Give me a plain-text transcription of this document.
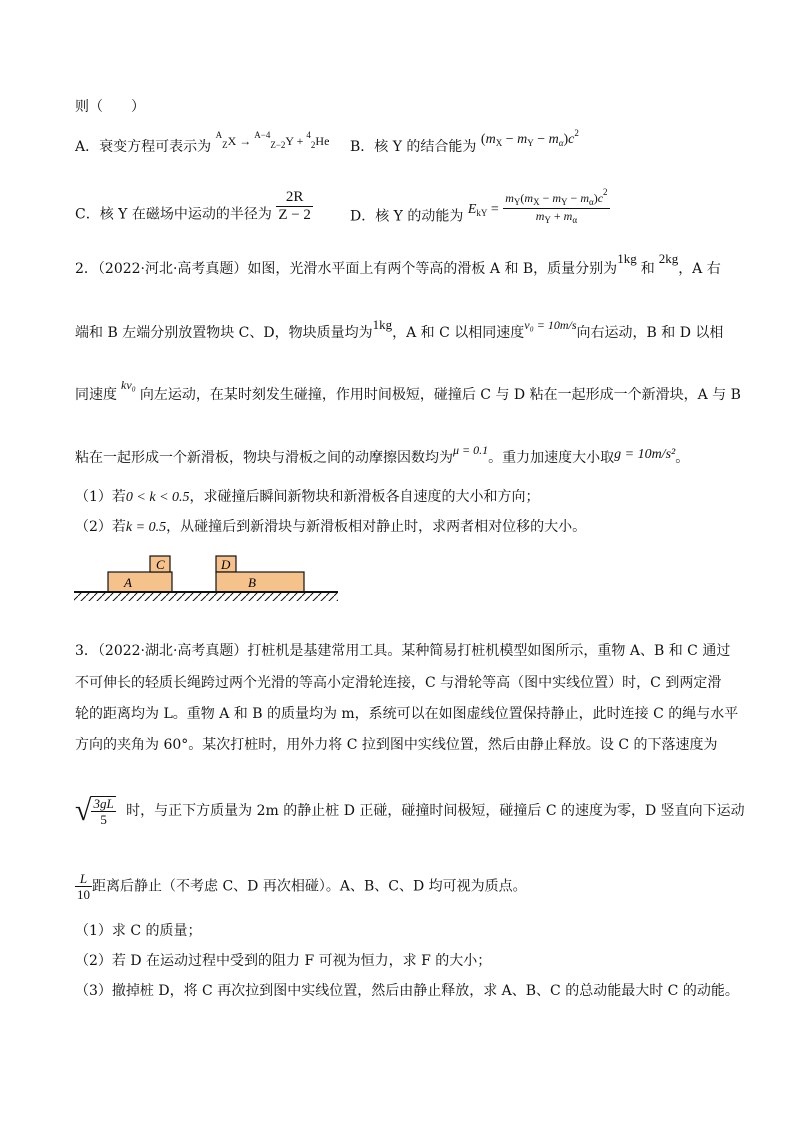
则（　　）
A．衰变方程可表示为 $^A_Z$X → $^{A-4}_{Z-2}$Y + $^4_2$He B．核 Y 的结合能为 $(m_X - m_Y - m_\alpha)c^2$
C．核 Y 在磁场中运动的半径为 $\frac{2R}{Z - 2}$	D．核 Y 的动能为 $E_{kY} = \frac{m_Y(m_X - m_Y - m_\alpha)c^2}{m_Y + m_\alpha}$
2．（2022·河北·高考真题）如图，光滑水平面上有两个等高的滑板 A 和 B，质量分别为1kg和2kg，A 右
端和 B 左端分别放置物块 C、D，物块质量均为1kg，A 和 C 以相同速度v₀ = 10m/s向右运动，B 和 D 以相
同速度kv₀向左运动，在某时刻发生碰撞，作用时间极短，碰撞后 C 与 D 粘在一起形成一个新滑块，A 与 B
粘在一起形成一个新滑板，物块与滑板之间的动摩擦因数均为μ = 0.1。重力加速度大小取g = 10m/s²。
（1）若0 < k < 0.5，求碰撞后瞬间新物块和新滑板各自速度的大小和方向；
（2）若k = 0.5，从碰撞后到新滑块与新滑板相对静止时，求两者相对位移的大小。
A
C	D
B
3．（2022·湖北·高考真题）打桩机是基建常用工具。某种简易打桩机模型如图所示，重物 A、B 和 C 通过
不可伸长的轻质长绳跨过两个光滑的等高小定滑轮连接，C 与滑轮等高（图中实线位置）时，C 到两定滑
轮的距离均为 L。重物 A 和 B 的质量均为 m，系统可以在如图虚线位置保持静止，此时连接 C 的绳与水平
方向的夹角为 60°。某次打桩时，用外力将 C 拉到图中实线位置，然后由静止释放。设 C 的下落速度为
√ $\frac{3gL}{5}$ 时，与正下方质量为 2m 的静止桩 D 正碰，碰撞时间极短，碰撞后 C 的速度为零，D 竖直向下运动
$\frac{L}{10}$ 距离后静止（不考虑 C、D 再次相碰）。A、B、C、D 均可视为质点。
（1）求 C 的质量；
（2）若 D 在运动过程中受到的阻力 F 可视为恒力，求 F 的大小；
（3）撤掉桩 D，将 C 再次拉到图中实线位置，然后由静止释放，求 A、B、C 的总动能最大时 C 的动能。
